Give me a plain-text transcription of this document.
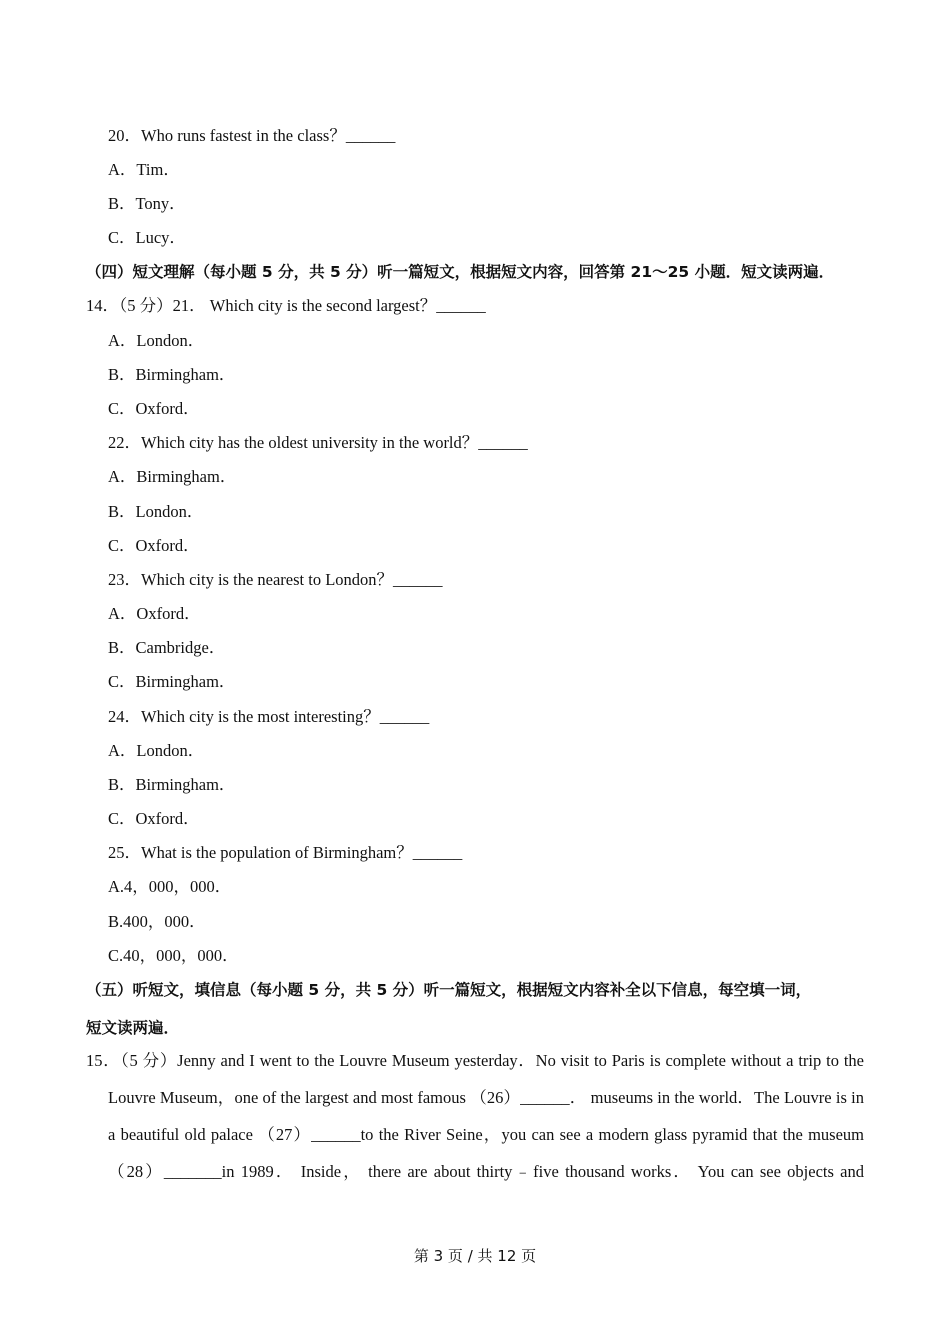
20．Who runs fastest in the class？______
A．Tim．
B．Tony．
C．Lucy．
（四）短文理解（每小题 5 分，共 5 分）听一篇短文，根据短文内容，回答第 21～25 小题．短文读两遍．
14．（5 分）21． Which city is the second largest？______
A．London．
B．Birmingham．
C．Oxford．
22．Which city has the oldest university in the world？______
A．Birmingham．
B．London．
C．Oxford．
23．Which city is the nearest to London？______
A．Oxford．
B．Cambridge．
C．Birmingham．
24．Which city is the most interesting？______
A．London．
B．Birmingham．
C．Oxford．
25．What is the population of Birmingham？______
A.4，000，000．
B.400，000．
C.40，000，000．
（五）听短文，填信息（每小题 5 分，共 5 分）听一篇短文，根据短文内容补全以下信息，每空填一词，
短文读两遍．
15．（5 分）Jenny and I went to the Louvre Museum yesterday．No visit to Paris is complete without a trip to the
Louvre Museum，one of the largest and most famous （26）______． museums in the world．The Louvre is in
a beautiful old palace （27）______to the River Seine，you can see a modern glass pyramid that the museum
（28）_______in 1989． Inside， there are about thirty﹣five thousand works． You can see objects and
第 3 页 / 共 12 页
